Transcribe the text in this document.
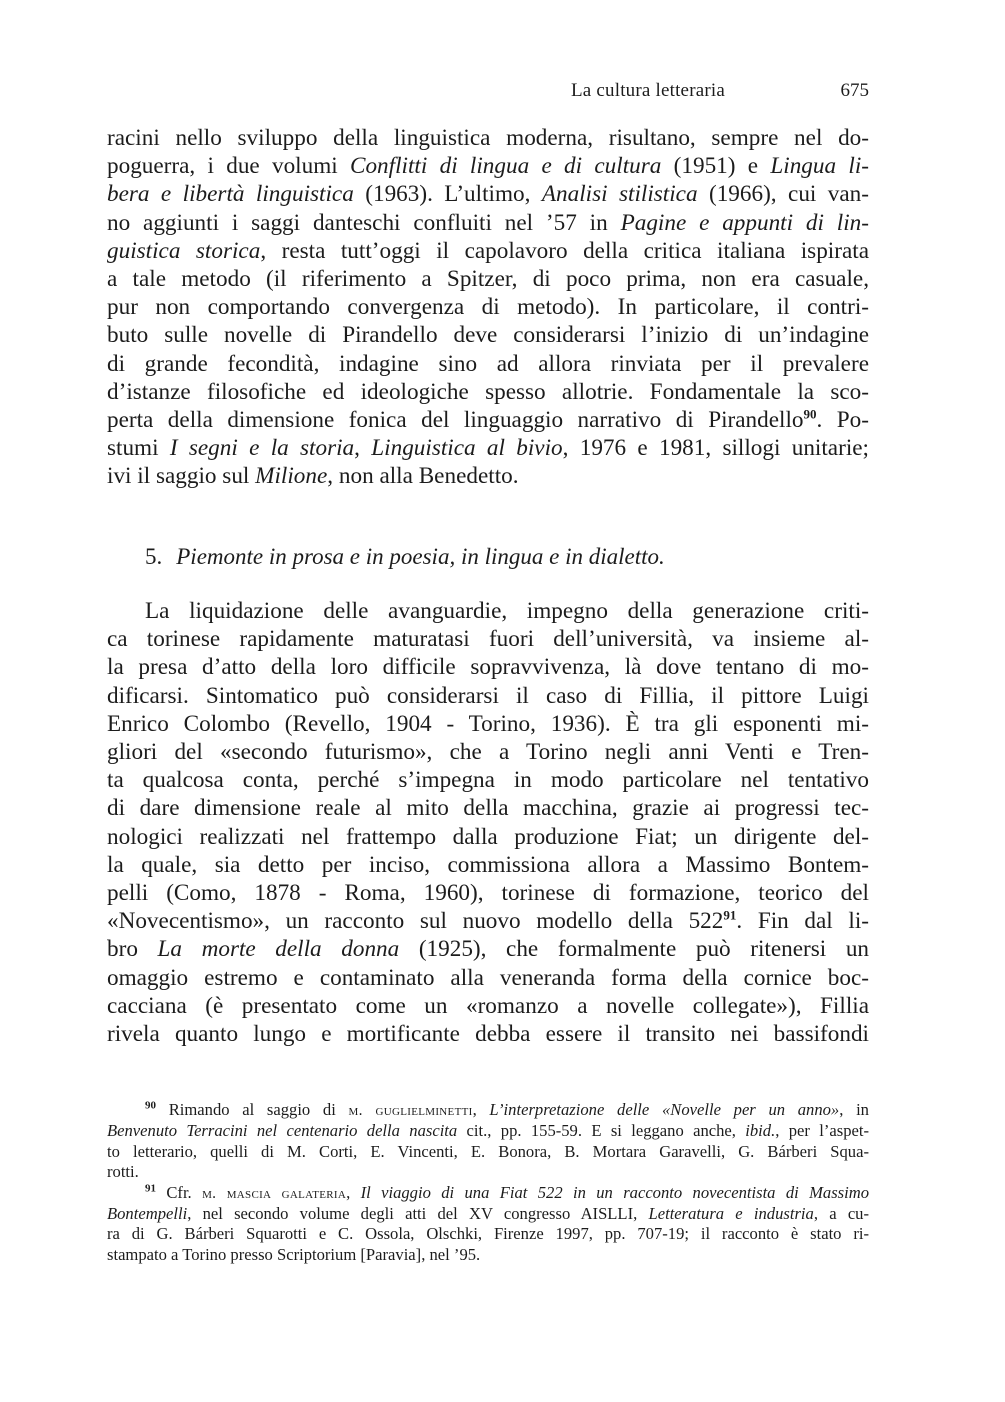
La cultura letteraria	675
racini nello sviluppo della linguistica moderna, risultano, sempre nel do-
poguerra, i due volumi Conflitti di lingua e di cultura (1951) e Lingua li-
bera e libertà linguistica (1963). L’ultimo, Analisi stilistica (1966), cui van-
no aggiunti i saggi danteschi confluiti nel ’57 in Pagine e appunti di lin-
guistica storica, resta tutt’oggi il capolavoro della critica italiana ispirata
a tale metodo (il riferimento a Spitzer, di poco prima, non era casuale,
pur non comportando convergenza di metodo). In particolare, il contri-
buto sulle novelle di Pirandello deve considerarsi l’inizio di un’indagine
di grande fecondità, indagine sino ad allora rinviata per il prevalere
d’istanze filosofiche ed ideologiche spesso allotrie. Fondamentale la sco-
perta della dimensione fonica del linguaggio narrativo di Pirandello$^{90}$. Po-
stumi I segni e la storia, Linguistica al bivio, 1976 e 1981, sillogi unitarie;
ivi il saggio sul Milione, non alla Benedetto.
5. Piemonte in prosa e in poesia, in lingua e in dialetto.
La liquidazione delle avanguardie, impegno della generazione criti-
ca torinese rapidamente maturatasi fuori dell’università, va insieme al-
la presa d’atto della loro difficile sopravvivenza, là dove tentano di mo-
dificarsi. Sintomatico può considerarsi il caso di Fillia, il pittore Luigi
Enrico Colombo (Revello, 1904 - Torino, 1936). È tra gli esponenti mi-
gliori del «secondo futurismo», che a Torino negli anni Venti e Tren-
ta qualcosa conta, perché s’impegna in modo particolare nel tentativo
di dare dimensione reale al mito della macchina, grazie ai progressi tec-
nologici realizzati nel frattempo dalla produzione Fiat; un dirigente del-
la quale, sia detto per inciso, commissiona allora a Massimo Bontem-
pelli (Como, 1878 - Roma, 1960), torinese di formazione, teorico del
«Novecentismo», un racconto sul nuovo modello della $522^{91}$. Fin dal li-
bro La morte della donna (1925), che formalmente può ritenersi un
omaggio estremo e contaminato alla veneranda forma della cornice boc-
cacciana (è presentato come un «romanzo a novelle collegate»), Fillia
rivela quanto lungo e mortificante debba essere il transito nei bassifondi
$^{90}$ Rimando al saggio di m. guglielminetti, L’interpretazione delle «Novelle per un anno», in
Benvenuto Terracini nel centenario della nascita cit., pp. 155-59. E si leggano anche, ibid., per l’aspet-
to letterario, quelli di M. Corti, E. Vincenti, E. Bonora, B. Mortara Garavelli, G. Bárberi Squa-
rotti.
$^{91}$ Cfr. m. mascia galateria, Il viaggio di una Fiat 522 in un racconto novecentista di Massimo
Bontempelli, nel secondo volume degli atti del XV congresso AISLLI, Letteratura e industria, a cu-
ra di G. Bárberi Squarotti e C. Ossola, Olschki, Firenze 1997, pp. 707-19; il racconto è stato ri-
stampato a Torino presso Scriptorium [Paravia], nel ’95.
